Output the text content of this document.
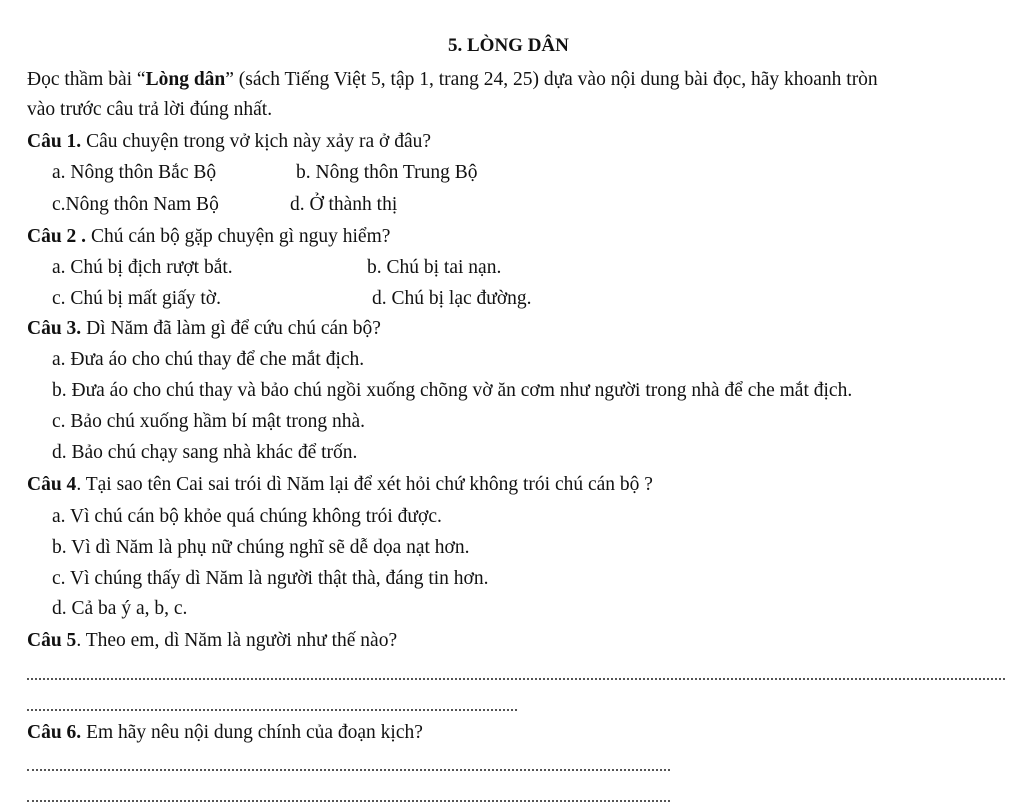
5. LÒNG DÂN
Đọc thầm bài “Lòng dân” (sách Tiếng Việt 5, tập 1, trang 24, 25) dựa vào nội dung bài đọc, hãy khoanh tròn
vào trước câu trả lời đúng nhất.
Câu 1. Câu chuyện trong vở kịch này xảy ra ở đâu?
a. Nông thôn Bắc Bộ	b. Nông thôn Trung Bộ
c.Nông thôn Nam Bộ	d. Ở thành thị
Câu 2 . Chú cán bộ gặp chuyện gì nguy hiểm?
a. Chú bị địch rượt bắt.	b. Chú bị tai nạn.
c. Chú bị mất giấy tờ.	d. Chú bị lạc đường.
Câu 3. Dì Năm đã làm gì để cứu chú cán bộ?
a. Đưa áo cho chú thay để che mắt địch.
b. Đưa áo cho chú thay và bảo chú ngồi xuống chõng vờ ăn cơm như người trong nhà để che mắt địch.
c. Bảo chú xuống hầm bí mật trong nhà.
d. Bảo chú chạy sang nhà khác để trốn.
Câu 4. Tại sao tên Cai sai trói dì Năm lại để xét hỏi chứ không trói chú cán bộ ?
a. Vì chú cán bộ khỏe quá chúng không trói được.
b. Vì dì Năm là phụ nữ chúng nghĩ sẽ dễ dọa nạt hơn.
c. Vì chúng thấy dì Năm là người thật thà, đáng tin hơn.
d. Cả ba ý a, b, c.
Câu 5. Theo em, dì Năm là người như thế nào?
Câu 6. Em hãy nêu nội dung chính của đoạn kịch?
